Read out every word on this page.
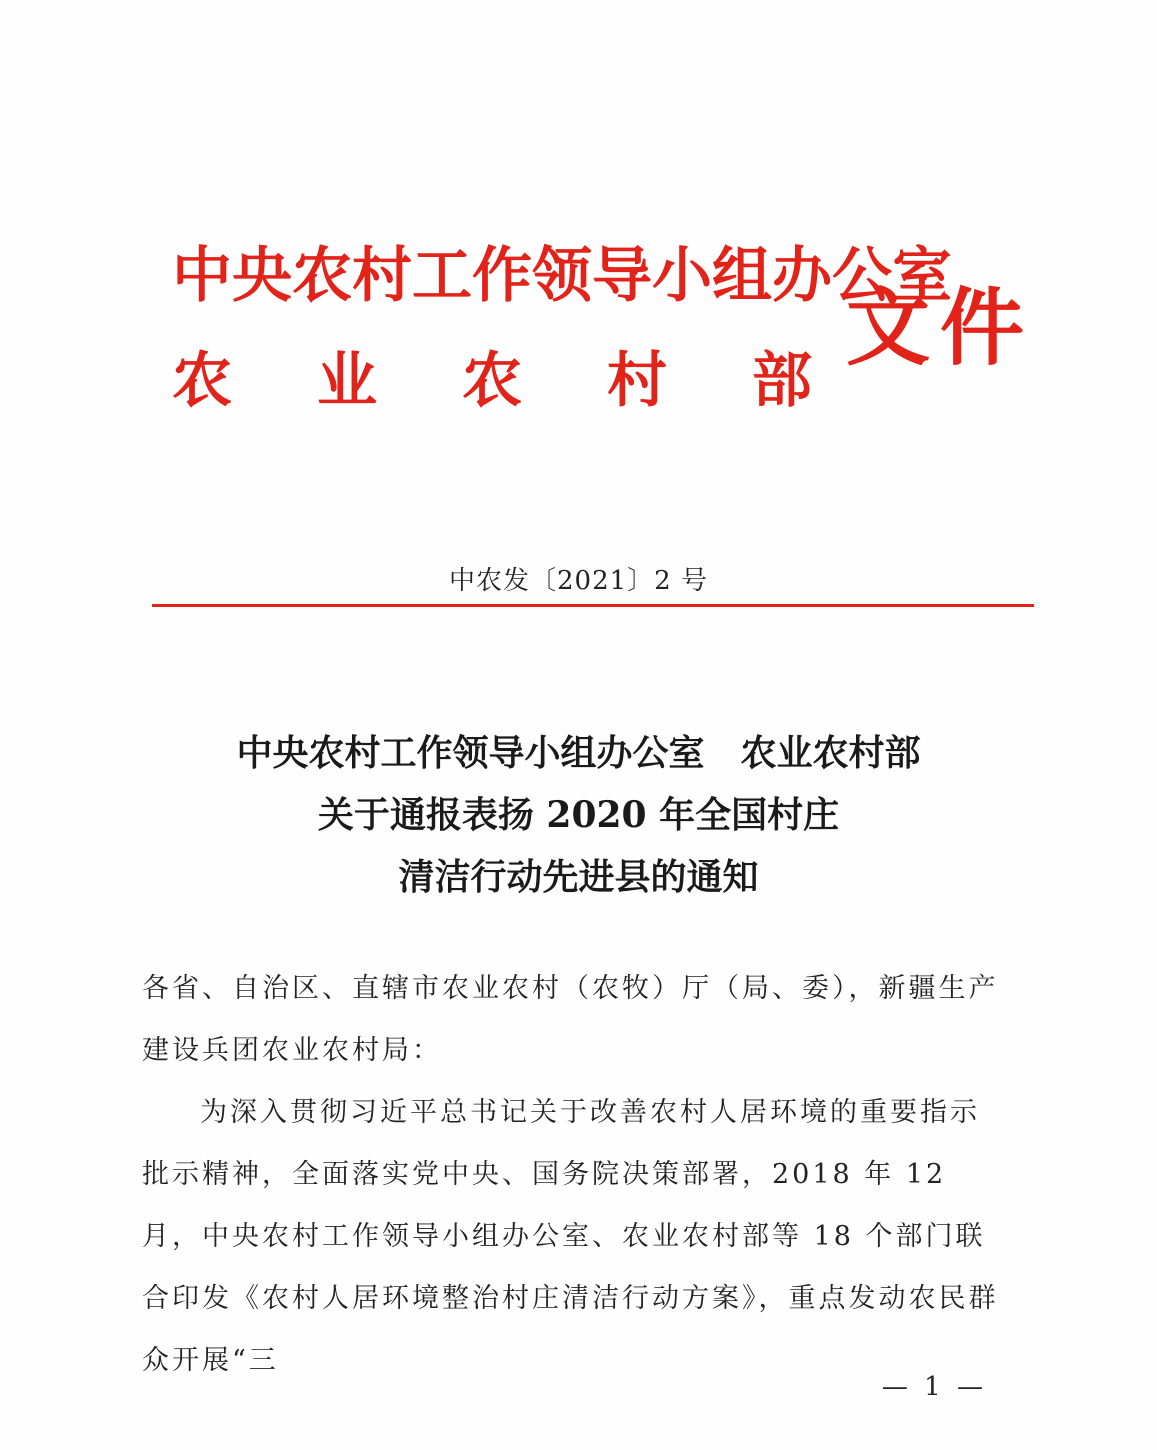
中央农村工作领导小组办公室
农 业 农 村 部
文件
中农发〔2021〕2 号
中央农村工作领导小组办公室　农业农村部
关于通报表扬 2020 年全国村庄
清洁行动先进县的通知

各省、自治区、直辖市农业农村（农牧）厅（局、委），新疆生产建设兵团农业农村局：

为深入贯彻习近平总书记关于改善农村人居环境的重要指示批示精神，全面落实党中央、国务院决策部署，2018 年 12 月，中央农村工作领导小组办公室、农业农村部等 18 个部门联合印发《农村人居环境整治村庄清洁行动方案》，重点发动农民群众开展“三

— 1 —
